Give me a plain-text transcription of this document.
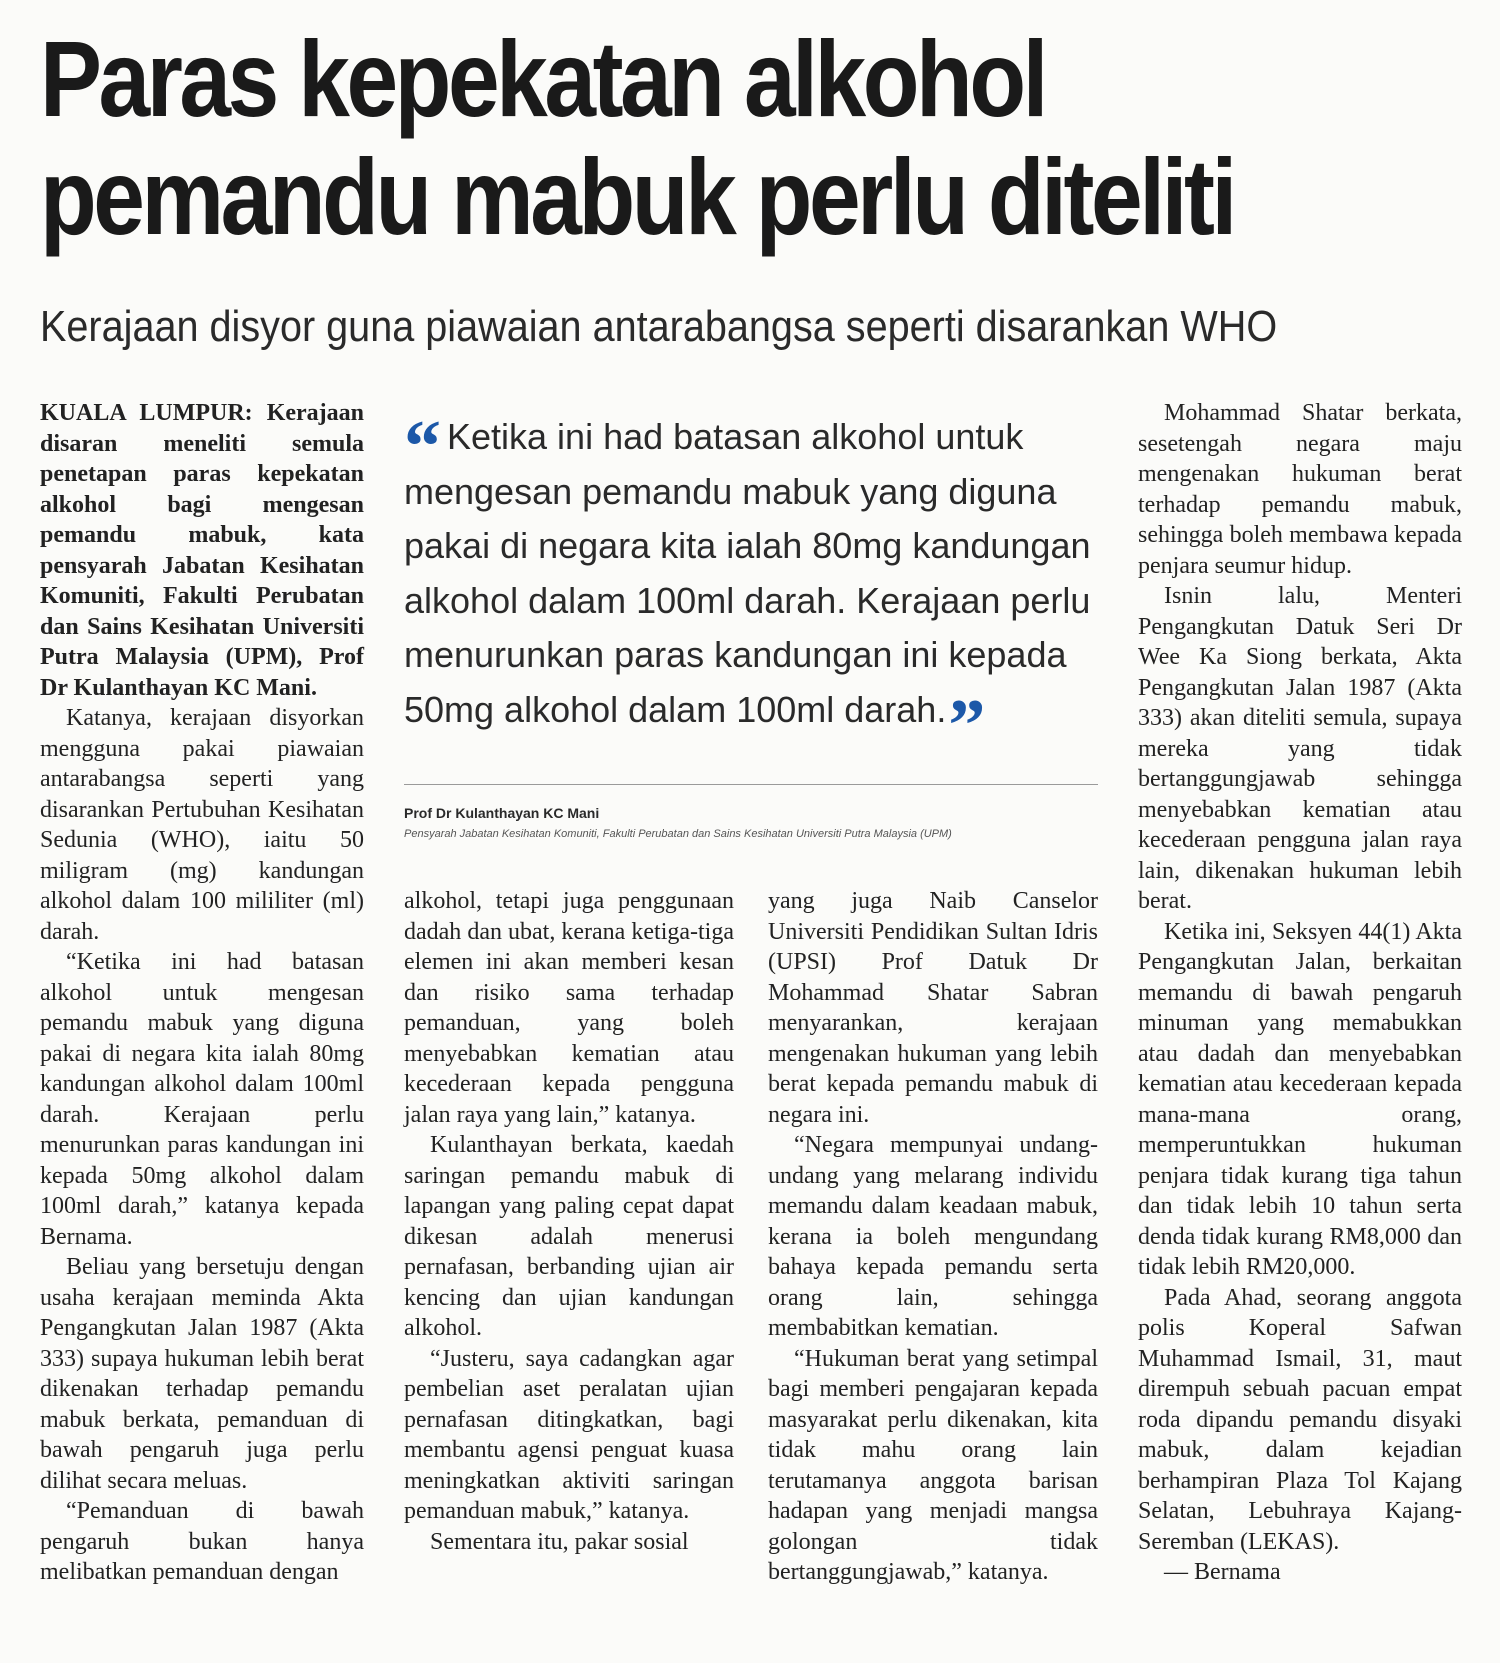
Paras kepekatan alkohol
pemandu mabuk perlu diteliti
Kerajaan disyor guna piawaian antarabangsa seperti disarankan WHO

KUALA LUMPUR: Kerajaan disaran meneliti semula penetapan paras kepekatan alkohol bagi mengesan pemandu mabuk, kata pensyarah Jabatan Kesihatan Komuniti, Fakulti Perubatan dan Sains Kesihatan Universiti Putra Malaysia (UPM), Prof Dr Kulanthayan KC Mani.

Katanya, kerajaan disyorkan mengguna pakai piawaian antarabangsa seperti yang disarankan Pertubuhan Kesihatan Sedunia (WHO), iaitu 50 miligram (mg) kandungan alkohol dalam 100 mililiter (ml) darah.

“Ketika ini had batasan alkohol untuk mengesan pemandu mabuk yang diguna pakai di negara kita ialah 80mg kandungan alkohol dalam 100ml darah. Kerajaan perlu menurunkan paras kandungan ini kepada 50mg alkohol dalam 100ml darah,” katanya kepada Bernama.

Beliau yang bersetuju dengan usaha kerajaan meminda Akta Pengangkutan Jalan 1987 (Akta 333) supaya hukuman lebih berat dikenakan terhadap pemandu mabuk berkata, pemanduan di bawah pengaruh juga perlu dilihat secara meluas.

“Pemanduan di bawah pengaruh bukan hanya melibatkan pemanduan dengan

“ Ketika ini had batasan alkohol untuk mengesan pemandu mabuk yang diguna pakai di negara kita ialah 80mg kandungan alkohol dalam 100ml darah. Kerajaan perlu menurunkan paras kandungan ini kepada 50mg alkohol dalam 100ml darah.”
Prof Dr Kulanthayan KC Mani
Pensyarah Jabatan Kesihatan Komuniti, Fakulti Perubatan dan Sains Kesihatan Universiti Putra Malaysia (UPM)

alkohol, tetapi juga penggunaan dadah dan ubat, kerana ketiga-tiga elemen ini akan memberi kesan dan risiko sama terhadap pemanduan, yang boleh menyebabkan kematian atau kecederaan kepada pengguna jalan raya yang lain,” katanya.

Kulanthayan berkata, kaedah saringan pemandu mabuk di lapangan yang paling cepat dapat dikesan adalah menerusi pernafasan, berbanding ujian air kencing dan ujian kandungan alkohol.

“Justeru, saya cadangkan agar pembelian aset peralatan ujian pernafasan ditingkatkan, bagi membantu agensi penguat kuasa meningkatkan aktiviti saringan pemanduan mabuk,” katanya.

Sementara itu, pakar sosial

yang juga Naib Canselor Universiti Pendidikan Sultan Idris (UPSI) Prof Datuk Dr Mohammad Shatar Sabran menyarankan, kerajaan mengenakan hukuman yang lebih berat kepada pemandu mabuk di negara ini.

“Negara mempunyai undang-undang yang melarang individu memandu dalam keadaan mabuk, kerana ia boleh mengundang bahaya kepada pemandu serta orang lain, sehingga membabitkan kematian.

“Hukuman berat yang setimpal bagi memberi pengajaran kepada masyarakat perlu dikenakan, kita tidak mahu orang lain terutamanya anggota barisan hadapan yang menjadi mangsa golongan tidak bertanggungjawab,” katanya.

Mohammad Shatar berkata, sesetengah negara maju mengenakan hukuman berat terhadap pemandu mabuk, sehingga boleh membawa kepada penjara seumur hidup.

Isnin lalu, Menteri Pengangkutan Datuk Seri Dr Wee Ka Siong berkata, Akta Pengangkutan Jalan 1987 (Akta 333) akan diteliti semula, supaya mereka yang tidak bertanggungjawab sehingga menyebabkan kematian atau kecederaan pengguna jalan raya lain, dikenakan hukuman lebih berat.

Ketika ini, Seksyen 44(1) Akta Pengangkutan Jalan, berkaitan memandu di bawah pengaruh minuman yang memabukkan atau dadah dan menyebabkan kematian atau kecederaan kepada mana-mana orang, memperuntukkan hukuman penjara tidak kurang tiga tahun dan tidak lebih 10 tahun serta denda tidak kurang RM8,000 dan tidak lebih RM20,000.

Pada Ahad, seorang anggota polis Koperal Safwan Muhammad Ismail, 31, maut dirempuh sebuah pacuan empat roda dipandu pemandu disyaki mabuk, dalam kejadian berhampiran Plaza Tol Kajang Selatan, Lebuhraya Kajang-Seremban (LEKAS).

— Bernama
